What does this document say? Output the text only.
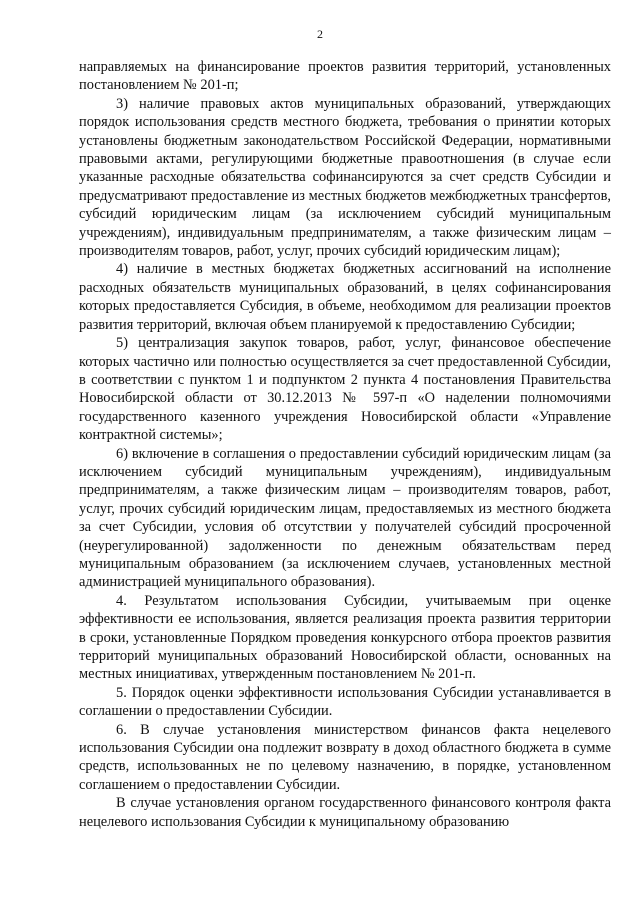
2

направляемых на финансирование проектов развития территорий, установленных постановлением № 201-п;

3) наличие правовых актов муниципальных образований, утверждающих порядок использования средств местного бюджета, требования о принятии которых установлены бюджетным законодательством Российской Федерации, нормативными правовыми актами, регулирующими бюджетные правоотношения (в случае если указанные расходные обязательства софинансируются за счет средств Субсидии и предусматривают предоставление из местных бюджетов межбюджетных трансфертов, субсидий юридическим лицам (за исключением субсидий муниципальным учреждениям), индивидуальным предпринимателям, а также физическим лицам – производителям товаров, работ, услуг, прочих субсидий юридическим лицам);

4) наличие в местных бюджетах бюджетных ассигнований на исполнение расходных обязательств муниципальных образований, в целях софинансирования которых предоставляется Субсидия, в объеме, необходимом для реализации проектов развития территорий, включая объем планируемой к предоставлению Субсидии;

5) централизация закупок товаров, работ, услуг, финансовое обеспечение которых частично или полностью осуществляется за счет предоставленной Субсидии, в соответствии с пунктом 1 и подпунктом 2 пункта 4 постановления Правительства Новосибирской области от 30.12.2013 № 597-п «О наделении полномочиями государственного казенного учреждения Новосибирской области «Управление контрактной системы»;

6) включение в соглашения о предоставлении субсидий юридическим лицам (за исключением субсидий муниципальным учреждениям), индивидуальным предпринимателям, а также физическим лицам – производителям товаров, работ, услуг, прочих субсидий юридическим лицам, предоставляемых из местного бюджета за счет Субсидии, условия об отсутствии у получателей субсидий просроченной (неурегулированной) задолженности по денежным обязательствам перед муниципальным образованием (за исключением случаев, установленных местной администрацией муниципального образования).

4. Результатом использования Субсидии, учитываемым при оценке эффективности ее использования, является реализация проекта развития территории в сроки, установленные Порядком проведения конкурсного отбора проектов развития территорий муниципальных образований Новосибирской области, основанных на местных инициативах, утвержденным постановлением № 201-п.

5. Порядок оценки эффективности использования Субсидии устанавливается в соглашении о предоставлении Субсидии.

6. В случае установления министерством финансов факта нецелевого использования Субсидии она подлежит возврату в доход областного бюджета в сумме средств, использованных не по целевому назначению, в порядке, установленном соглашением о предоставлении Субсидии.

В случае установления органом государственного финансового контроля факта нецелевого использования Субсидии к муниципальному образованию
